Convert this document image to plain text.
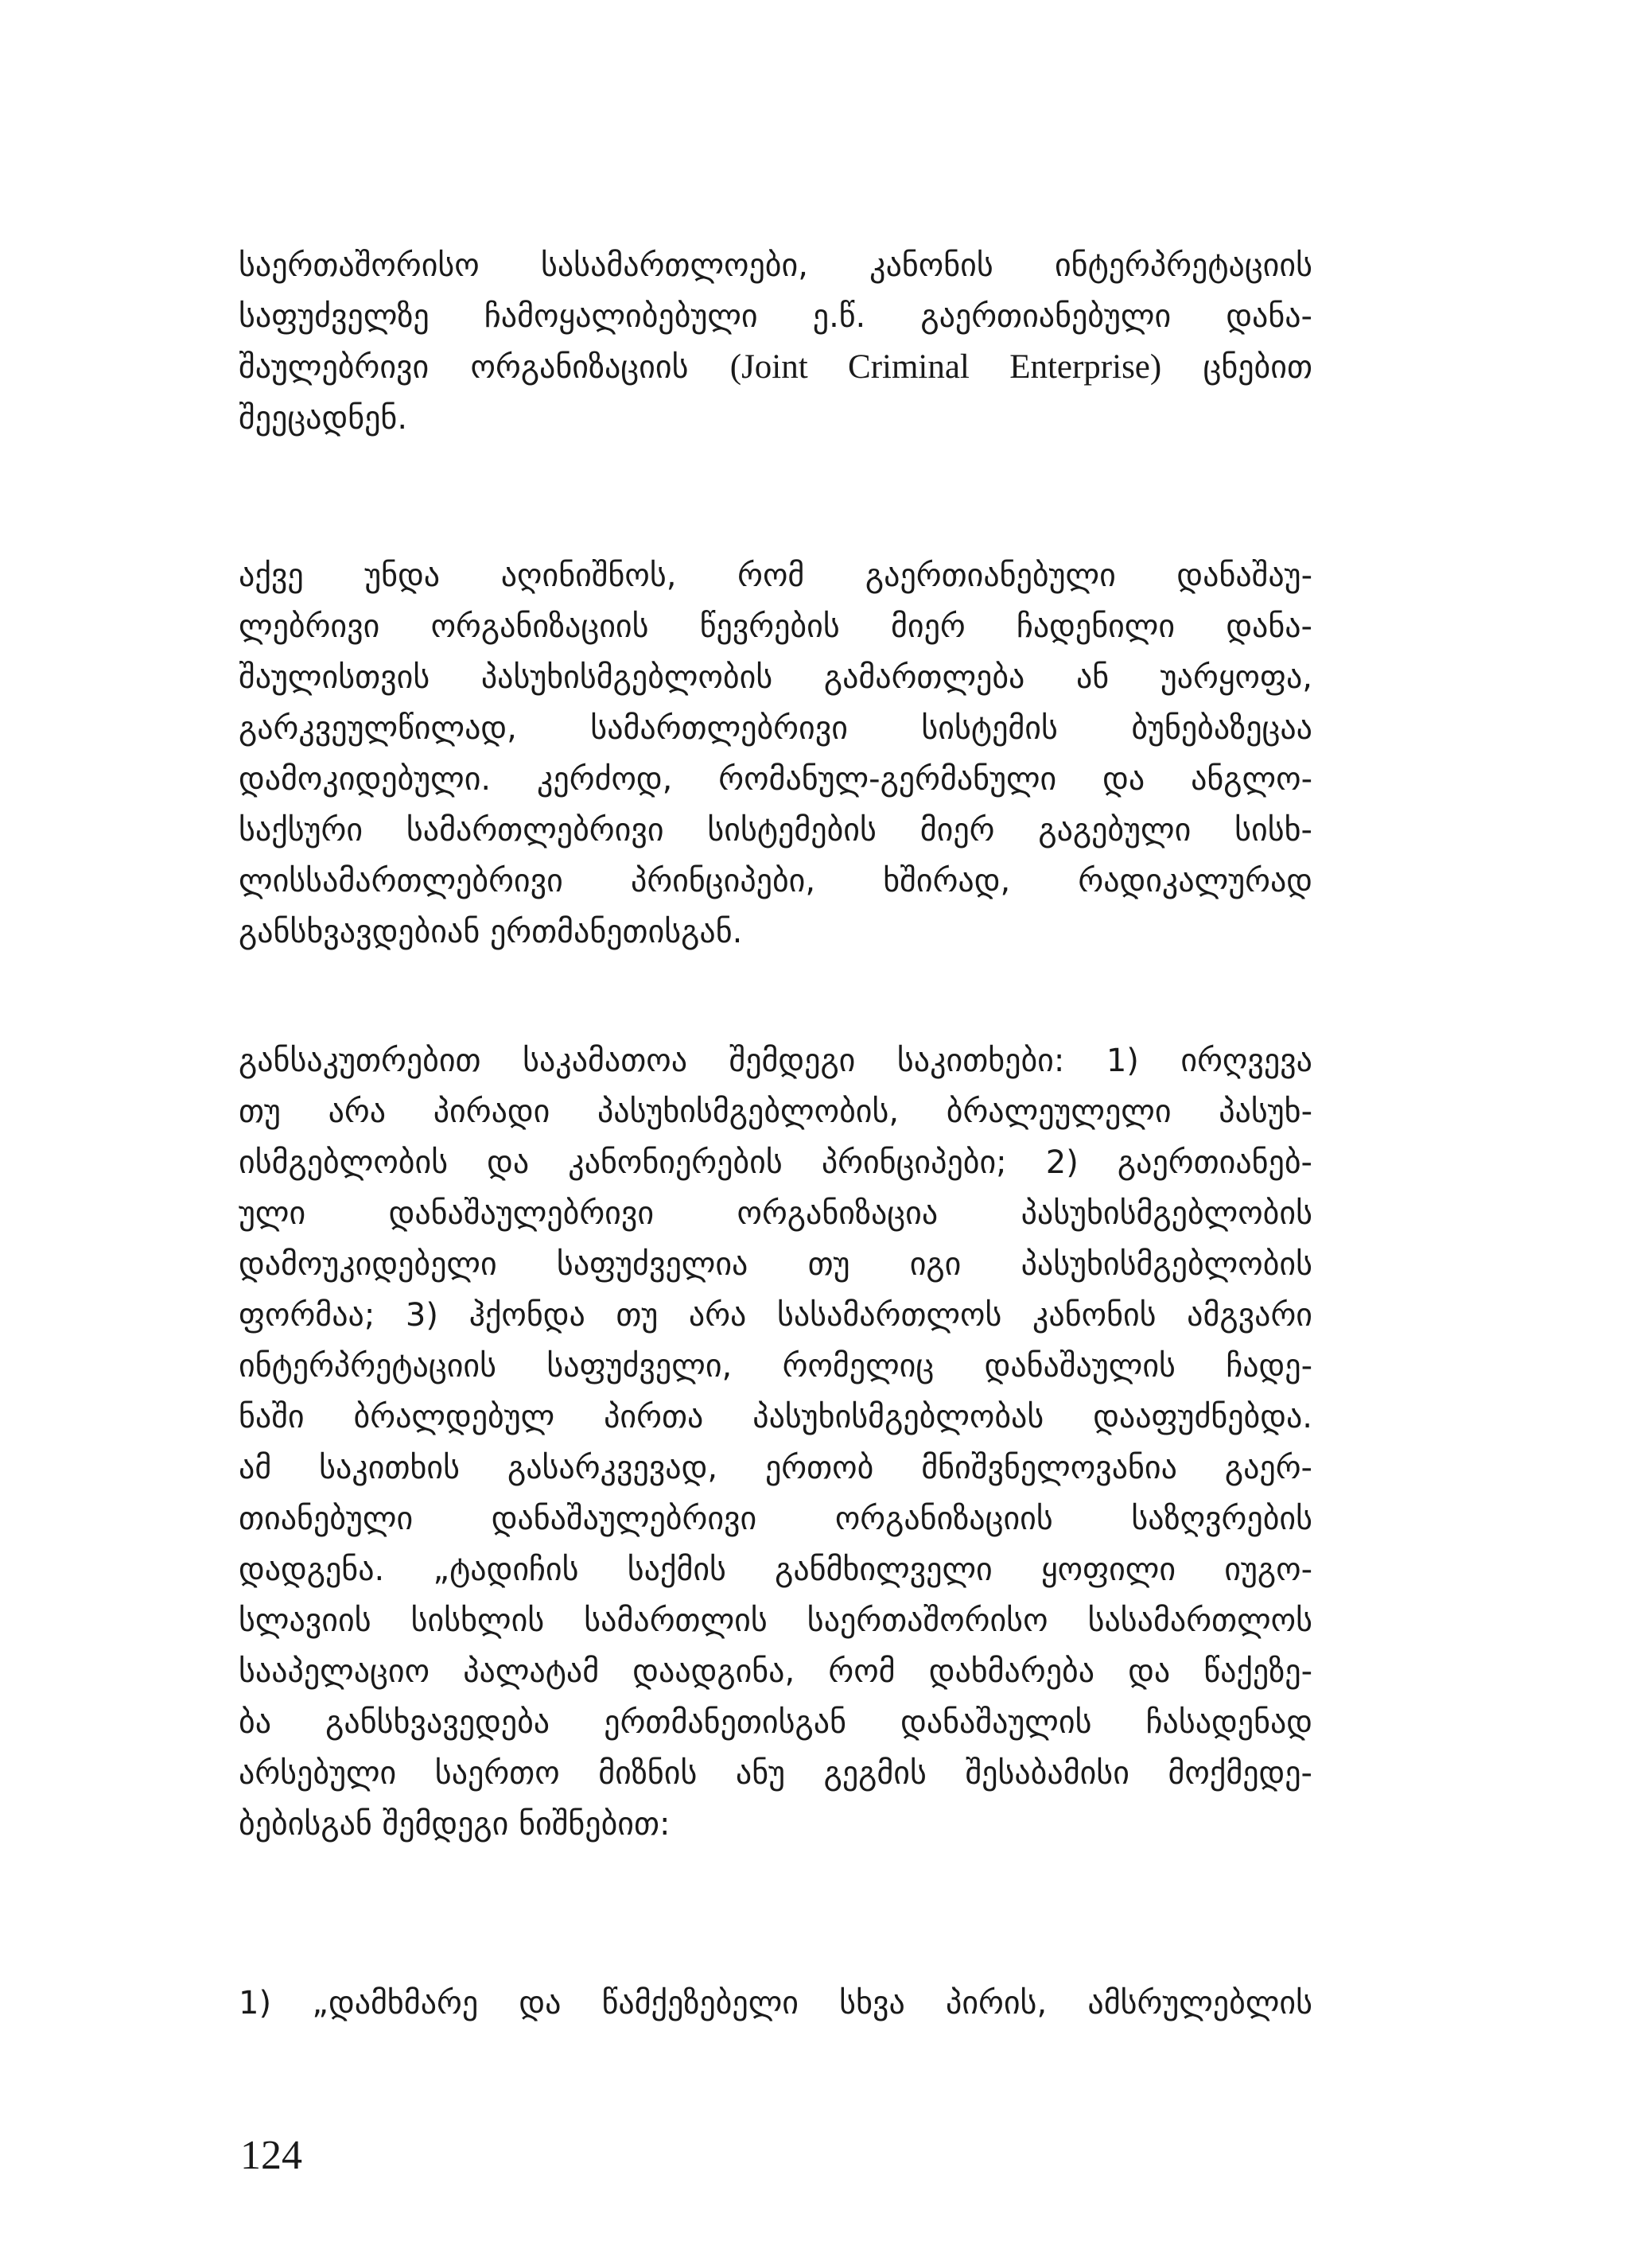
საერთაშორისო სასამართლოები, კანონის ინტერპრეტაციის
საფუძველზე ჩამოყალიბებული ე.წ. გაერთიანებული დანა-
შაულებრივი ორგანიზაციის (Joint Criminal Enterprise) ცნებით
შეეცადნენ.
აქვე უნდა აღინიშნოს, რომ გაერთიანებული დანაშაუ-
ლებრივი ორგანიზაციის წევრების მიერ ჩადენილი დანა-
შაულისთვის პასუხისმგებლობის გამართლება ან უარყოფა,
გარკვეულწილად, სამართლებრივი სისტემის ბუნებაზეცაა
დამოკიდებული. კერძოდ, რომანულ-გერმანული და ანგლო-
საქსური სამართლებრივი სისტემების მიერ გაგებული სისხ-
ლისსამართლებრივი პრინციპები, ხშირად, რადიკალურად
განსხვავდებიან ერთმანეთისგან.
განსაკუთრებით საკამათოა შემდეგი საკითხები: 1) ირღვევა
თუ არა პირადი პასუხისმგებლობის, ბრალეულელი პასუხ-
ისმგებლობის და კანონიერების პრინციპები; 2) გაერთიანებ-
ული დანაშაულებრივი ორგანიზაცია პასუხისმგებლობის
დამოუკიდებელი საფუძველია თუ იგი პასუხისმგებლობის
ფორმაა; 3) ჰქონდა თუ არა სასამართლოს კანონის ამგვარი
ინტერპრეტაციის საფუძველი, რომელიც დანაშაულის ჩადე-
ნაში ბრალდებულ პირთა პასუხისმგებლობას დააფუძნებდა.
ამ საკითხის გასარკვევად, ერთობ მნიშვნელოვანია გაერ-
თიანებული დანაშაულებრივი ორგანიზაციის საზღვრების
დადგენა. „ტადიჩის საქმის განმხილველი ყოფილი იუგო-
სლავიის სისხლის სამართლის საერთაშორისო სასამართლოს
სააპელაციო პალატამ დაადგინა, რომ დახმარება და წაქეზე-
ბა განსხვავედება ერთმანეთისგან დანაშაულის ჩასადენად
არსებული საერთო მიზნის ანუ გეგმის შესაბამისი მოქმედე-
ბებისგან შემდეგი ნიშნებით:
1) „დამხმარე და წამქეზებელი სხვა პირის, ამსრულებლის
124
